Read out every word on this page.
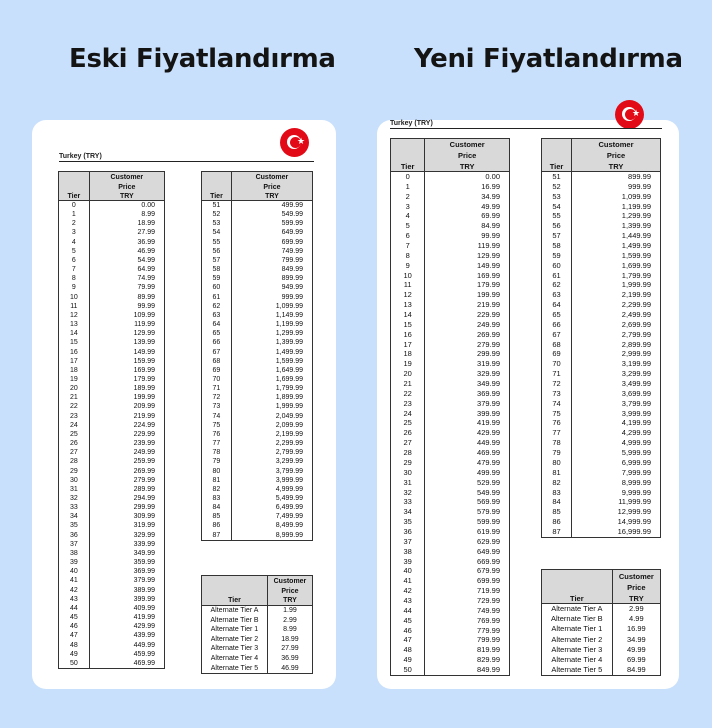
Eski Fiyatlandırma	Yeni Fiyatlandırma
★
Turkey (TRY)
	Customer
	Price
Tier	TRY
0	0.00
1	8.99
2	18.99
3	27.99
4	36.99
5	46.99
6	54.99
7	64.99
8	74.99
9	79.99
10	89.99
11	99.99
12	109.99
13	119.99
14	129.99
15	139.99
16	149.99
17	159.99
18	169.99
19	179.99
20	189.99
21	199.99
22	209.99
23	219.99
24	224.99
25	229.99
26	239.99
27	249.99
28	259.99
29	269.99
30	279.99
31	289.99
32	294.99
33	299.99
34	309.99
35	319.99
36	329.99
37	339.99
38	349.99
39	359.99
40	369.99
41	379.99
42	389.99
43	399.99
44	409.99
45	419.99
46	429.99
47	439.99
48	449.99
49	459.99
50	469.99
	Customer
	Price
Tier	TRY
51	499.99
52	549.99
53	599.99
54	649.99
55	699.99
56	749.99
57	799.99
58	849.99
59	899.99
60	949.99
61	999.99
62	1,099.99
63	1,149.99
64	1,199.99
65	1,299.99
66	1,399.99
67	1,499.99
68	1,599.99
69	1,649.99
70	1,699.99
71	1,799.99
72	1,899.99
73	1,999.99
74	2,049.99
75	2,099.99
76	2,199.99
77	2,299.99
78	2,799.99
79	3,299.99
80	3,799.99
81	3,999.99
82	4,999.99
83	5,499.99
84	6,499.99
85	7,499.99
86	8,499.99
87	8,999.99
	Customer
	Price
Tier	TRY
Alternate Tier A	1.99
Alternate Tier B	2.99
Alternate Tier 1	8.99
Alternate Tier 2	18.99
Alternate Tier 3	27.99
Alternate Tier 4	36.99
Alternate Tier 5	46.99
★
Turkey (TRY)
	Customer
	Price
Tier	TRY
0	0.00
1	16.99
2	34.99
3	49.99
4	69.99
5	84.99
6	99.99
7	119.99
8	129.99
9	149.99
10	169.99
11	179.99
12	199.99
13	219.99
14	229.99
15	249.99
16	269.99
17	279.99
18	299.99
19	319.99
20	329.99
21	349.99
22	369.99
23	379.99
24	399.99
25	419.99
26	429.99
27	449.99
28	469.99
29	479.99
30	499.99
31	529.99
32	549.99
33	569.99
34	579.99
35	599.99
36	619.99
37	629.99
38	649.99
39	669.99
40	679.99
41	699.99
42	719.99
43	729.99
44	749.99
45	769.99
46	779.99
47	799.99
48	819.99
49	829.99
50	849.99
	Customer
	Price
Tier	TRY
51	899.99
52	999.99
53	1,099.99
54	1,199.99
55	1,299.99
56	1,399.99
57	1,449.99
58	1,499.99
59	1,599.99
60	1,699.99
61	1,799.99
62	1,999.99
63	2,199.99
64	2,299.99
65	2,499.99
66	2,699.99
67	2,799.99
68	2,899.99
69	2,999.99
70	3,199.99
71	3,299.99
72	3,499.99
73	3,699.99
74	3,799.99
75	3,999.99
76	4,199.99
77	4,299.99
78	4,999.99
79	5,999.99
80	6,999.99
81	7,999.99
82	8,999.99
83	9,999.99
84	11,999.99
85	12,999.99
86	14,999.99
87	16,999.99
	Customer
	Price
Tier	TRY
Alternate Tier A	2.99
Alternate Tier B	4.99
Alternate Tier 1	16.99
Alternate Tier 2	34.99
Alternate Tier 3	49.99
Alternate Tier 4	69.99
Alternate Tier 5	84.99
